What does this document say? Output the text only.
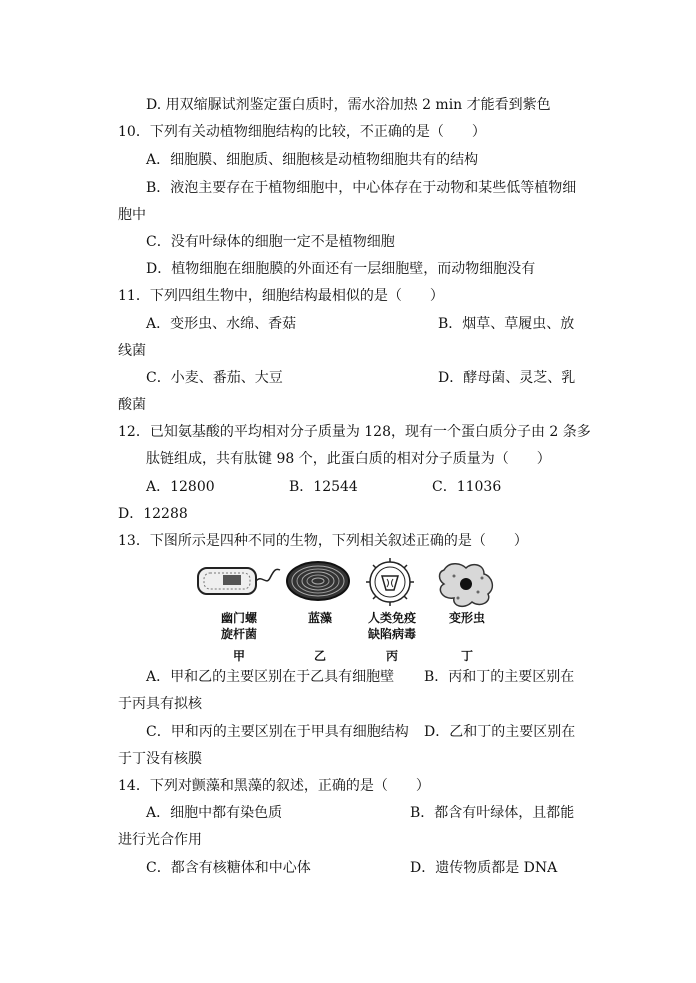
D. 用双缩脲试剂鉴定蛋白质时，需水浴加热 2 min 才能看到紫色
10．下列有关动植物细胞结构的比较，不正确的是（　　）
A．细胞膜、细胞质、细胞核是动植物细胞共有的结构
B．液泡主要存在于植物细胞中，中心体存在于动物和某些低等植物细
胞中
C．没有叶绿体的细胞一定不是植物细胞
D．植物细胞在细胞膜的外面还有一层细胞壁，而动物细胞没有
11．下列四组生物中，细胞结构最相似的是（　　）
A．变形虫、水绵、香菇	B．烟草、草履虫、放
线菌
C．小麦、番茄、大豆	D．酵母菌、灵芝、乳
酸菌
12．已知氨基酸的平均相对分子质量为 128，现有一个蛋白质分子由 2 条多
肽链组成，共有肽键 98 个，此蛋白质的相对分子质量为（　　）
A．12800	B．12544	C．11036
D．12288
13．下图所示是四种不同的生物，下列相关叙述正确的是（　　）
幽门螺
旋杆菌
蓝藻	人类免疫
缺陷病毒
变形虫
甲	乙	丙	丁
A．甲和乙的主要区别在于乙具有细胞壁 B．丙和丁的主要区别在
于丙具有拟核
C．甲和丙的主要区别在于甲具有细胞结构 D．乙和丁的主要区别在
于丁没有核膜
14．下列对颤藻和黑藻的叙述，正确的是（　　）
A．细胞中都有染色质	B．都含有叶绿体，且都能
进行光合作用
C．都含有核糖体和中心体	D．遗传物质都是 DNA
